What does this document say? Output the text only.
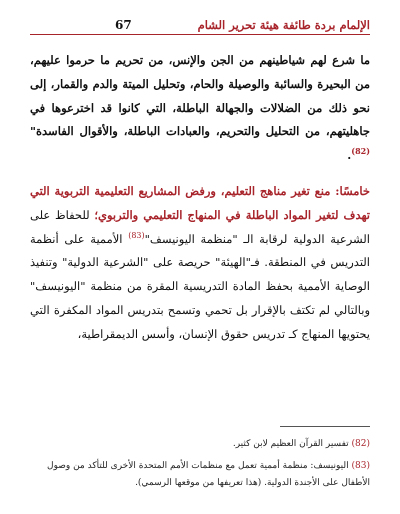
الإلمام بردة طائفة هيئة تحرير الشام
67

ما شرع لهم شياطينهم من الجن والإنس، من تحريم ما حرموا عليهم، من البحيرة والسائبة والوصيلة والحام، وتحليل الميتة والدم والقمار، إلى نحو ذلك من الضلالات والجهالة الباطلة، التي كانوا قد اخترعوها في جاهليتهم، من التحليل والتحريم، والعبادات الباطلة، والأقوال الفاسدة"$^{(82)}$.

خامسًا: منع تغير مناهج التعليم، ورفض المشاريع التعليمية التربوية التي تهدف لتغير المواد الباطلة في المنهاج التعليمي والتربوي؛ للحفاظ على الشرعية الدولية لرقابة الـ "منظمة اليونيسف"$^{(83)}$ الأممية على أنظمة التدريس في المنطقة. فـ"الهيئة" حريصة على "الشرعية الدولية" وتنفيذ الوصاية الأممية بحفظ المادة التدريسية المقرة من منظمة "اليونيسف" وبالتالي لم تكتف بالإقرار بل تحمي وتسمح بتدريس المواد المكفرة التي يحتويها المنهاج كـ تدريس حقوق الإنسان، وأسس الديمقراطية،

(82) تفسير القرآن العظيم لابن كثير.
(83) اليونيسف: منظمة أممية تعمل مع منظمات الأمم المتحدة الأخرى للتأكد من وصول الأطفال على الأجندة الدولية. (هذا تعريفها من موقعها الرسمي).
